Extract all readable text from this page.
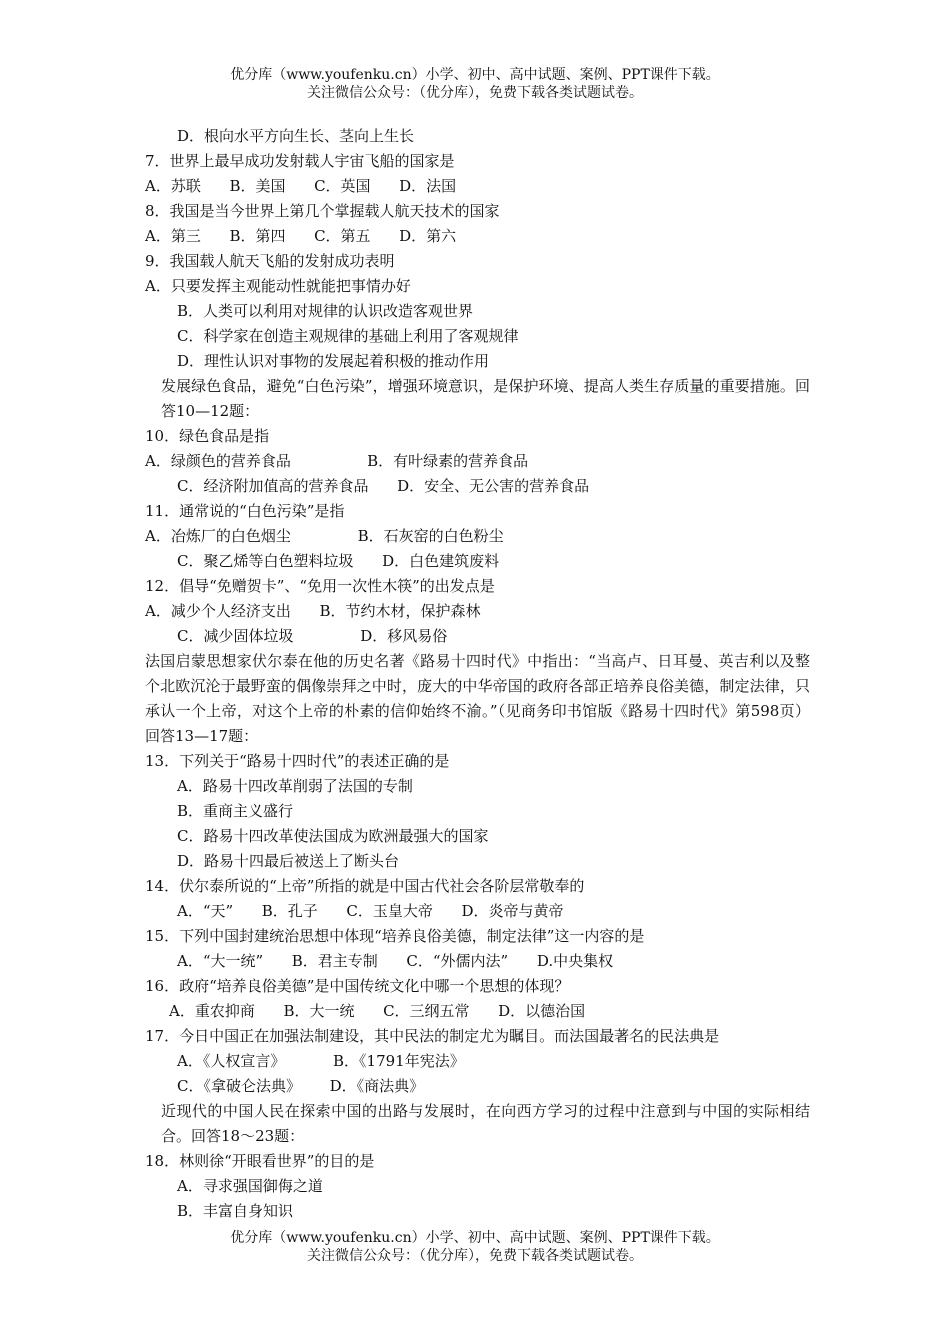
优分库（www.youfenku.cn）小学、初中、高中试题、案例、PPT课件下载。
关注微信公众号：（优分库），免费下载各类试题试卷。
D．根向水平方向生长、茎向上生长
7．世界上最早成功发射载人宇宙飞船的国家是
A．苏联      B．美国      C．英国      D．法国
8．我国是当今世界上第几个掌握载人航天技术的国家
A．第三      B．第四      C．第五      D．第六
9．我国载人航天飞船的发射成功表明
A．只要发挥主观能动性就能把事情办好
B．人类可以利用对规律的认识改造客观世界
C．科学家在创造主观规律的基础上利用了客观规律
D．理性认识对事物的发展起着积极的推动作用
发展绿色食品，避免“白色污染”，增强环境意识，是保护环境、提高人类生存质量的重要措施。回答10—12题：
10．绿色食品是指
A．绿颜色的营养食品                B．有叶绿素的营养食品
C．经济附加值高的营养食品      D．安全、无公害的营养食品
11．通常说的“白色污染”是指
A．冶炼厂的白色烟尘              B．石灰窑的白色粉尘
C．聚乙烯等白色塑料垃圾      D．白色建筑废料
12．倡导“免赠贺卡”、“免用一次性木筷”的出发点是
A．减少个人经济支出      B．节约木材，保护森林
C．减少固体垃圾              D．移风易俗
法国启蒙思想家伏尔泰在他的历史名著《路易十四时代》中指出：“当高卢、日耳曼、英吉利以及整个北欧沉沦于最野蛮的偶像崇拜之中时，庞大的中华帝国的政府各部正培养良俗美德，制定法律，只承认一个上帝，对这个上帝的朴素的信仰始终不渝。”（见商务印书馆版《路易十四时代》第598页）回答13—17题：
13．下列关于“路易十四时代”的表述正确的是
A．路易十四改革削弱了法国的专制
B．重商主义盛行
C．路易十四改革使法国成为欧洲最强大的国家
D．路易十四最后被送上了断头台
14．伏尔泰所说的“上帝”所指的就是中国古代社会各阶层常敬奉的
A．“天”      B．孔子      C．玉皇大帝      D．炎帝与黄帝
15．下列中国封建统治思想中体现“培养良俗美德，制定法律”这一内容的是
A．“大一统”      B．君主专制      C．“外儒内法”      D.中央集权
16．政府“培养良俗美德”是中国传统文化中哪一个思想的体现？
A．重农抑商      B．大一统      C．三纲五常      D．以德治国
17．今日中国正在加强法制建设，其中民法的制定尤为瞩目。而法国最著名的民法典是
A．《人权宣言》          B．《1791年宪法》
C．《拿破仑法典》      D．《商法典》
近现代的中国人民在探索中国的出路与发展时，在向西方学习的过程中注意到与中国的实际相结合。回答18～23题：
18．林则徐“开眼看世界”的目的是
A．寻求强国御侮之道
B．丰富自身知识
优分库（www.youfenku.cn）小学、初中、高中试题、案例、PPT课件下载。
关注微信公众号：（优分库），免费下载各类试题试卷。
